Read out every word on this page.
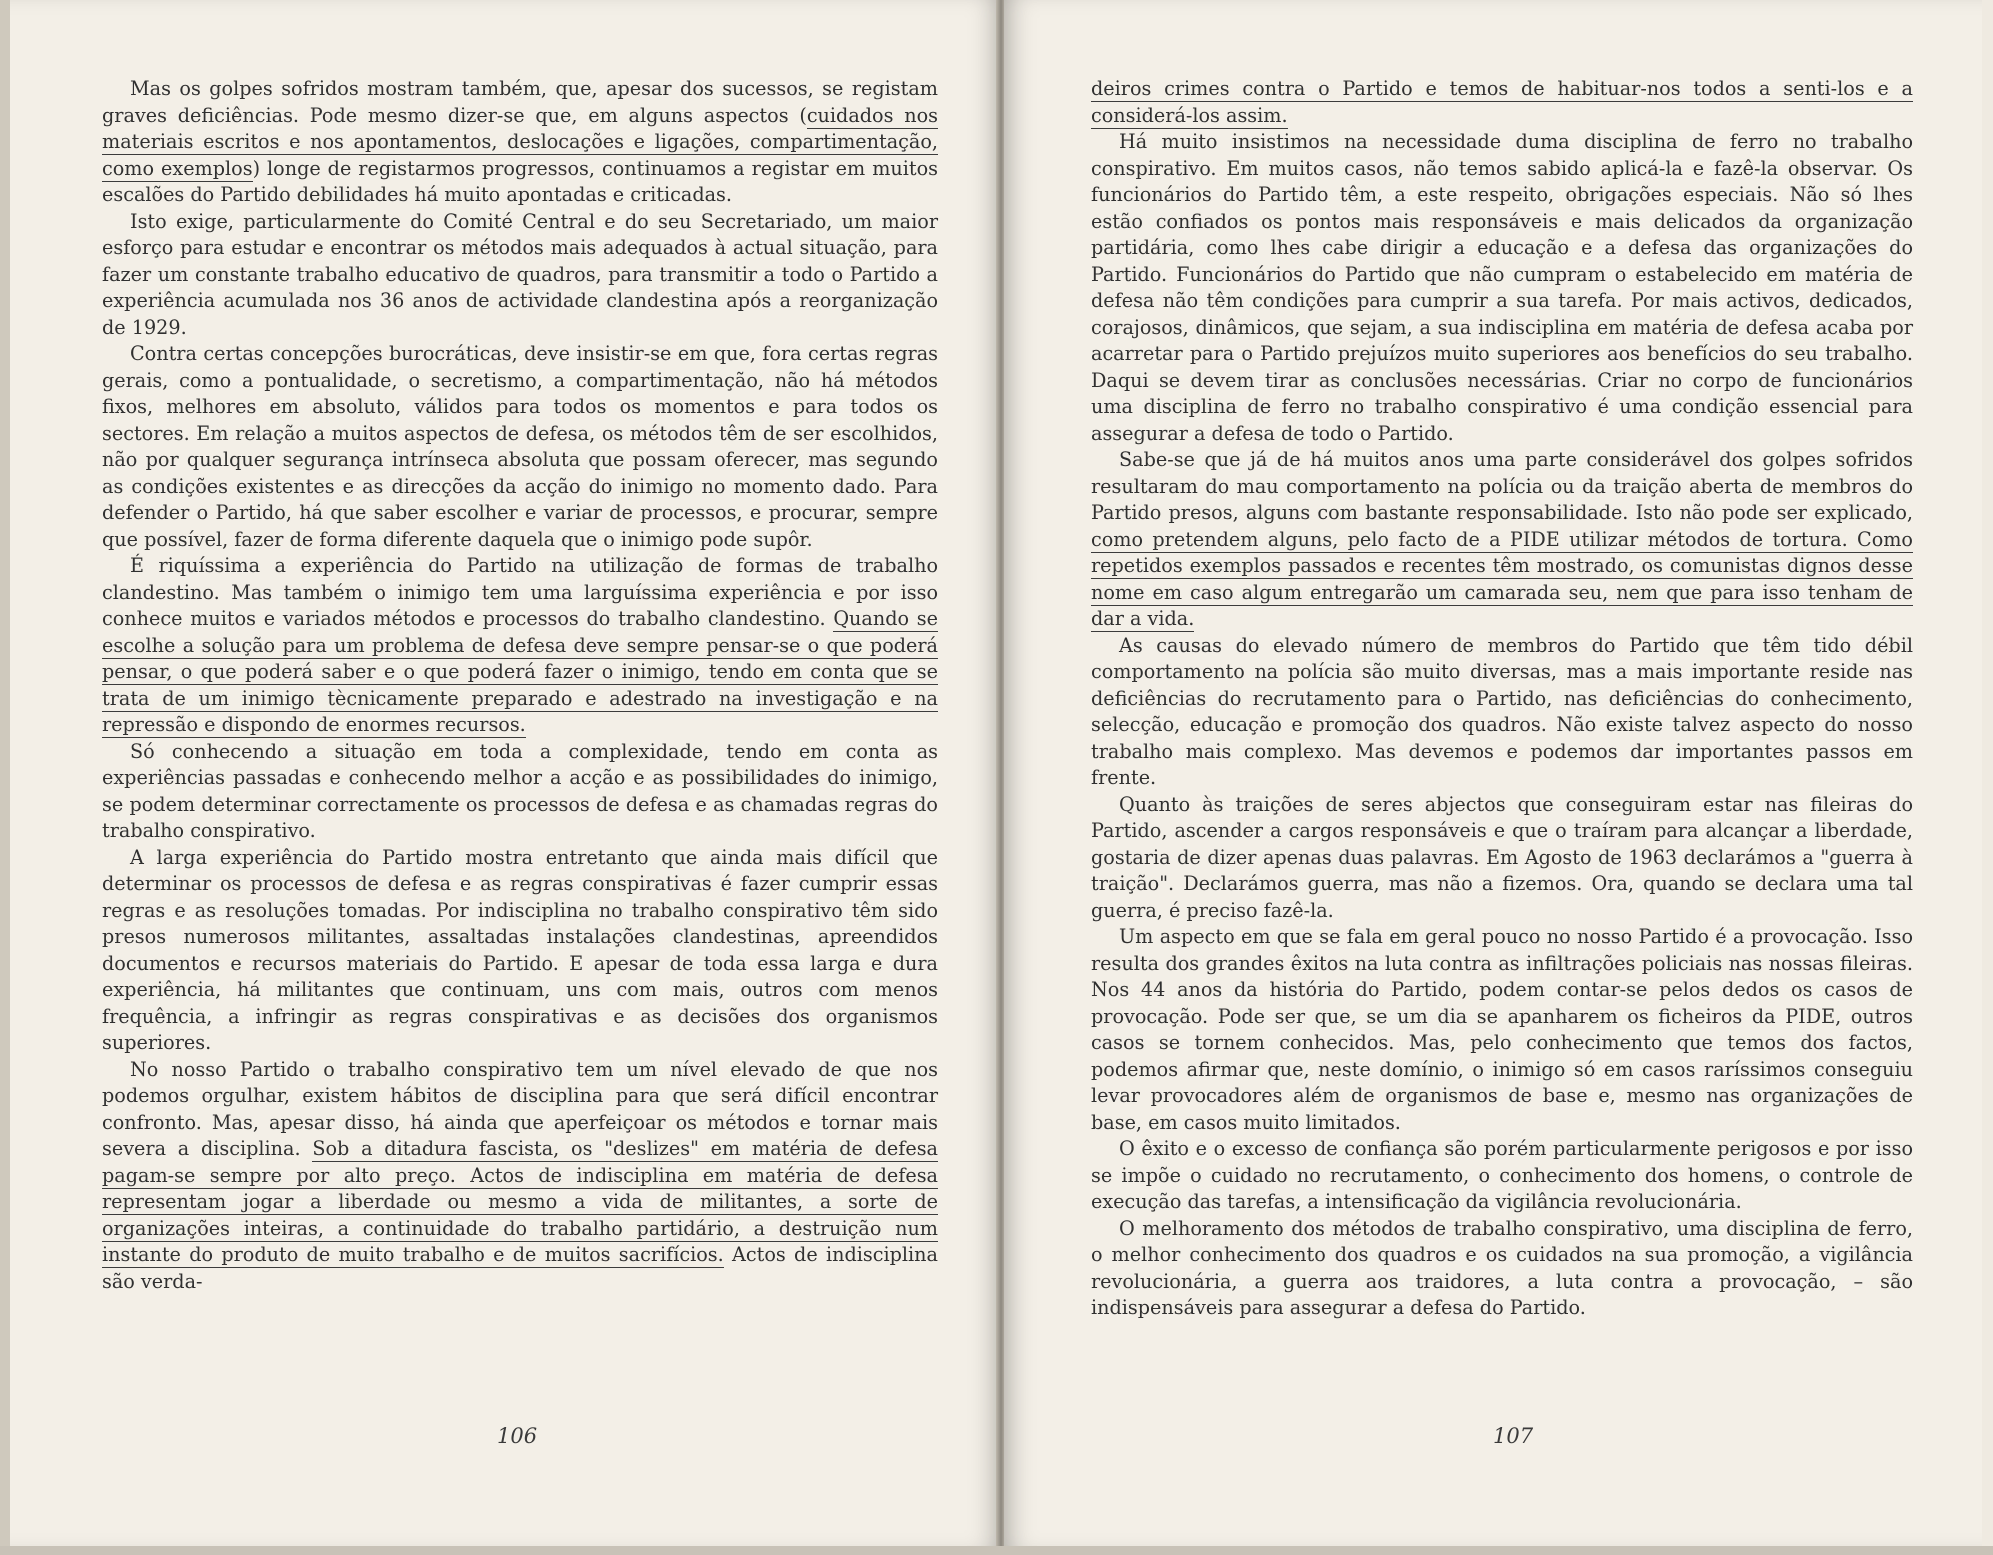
Mas os golpes sofridos mostram também, que, apesar dos sucessos, se registam graves deficiências. Pode mesmo dizer-se que, em alguns aspectos (cuidados nos materiais escritos e nos apontamentos, deslocações e ligações, compartimentação, como exemplos) longe de registarmos progressos, continuamos a registar em muitos escalões do Partido debilidades há muito apontadas e criticadas.

Isto exige, particularmente do Comité Central e do seu Secretariado, um maior esforço para estudar e encontrar os métodos mais adequados à actual situação, para fazer um constante trabalho educativo de quadros, para transmitir a todo o Partido a experiência acumulada nos 36 anos de actividade clandestina após a reorganização de 1929.

Contra certas concepções burocráticas, deve insistir-se em que, fora certas regras gerais, como a pontualidade, o secretismo, a compartimentação, não há métodos fixos, melhores em absoluto, válidos para todos os momentos e para todos os sectores. Em relação a muitos aspectos de defesa, os métodos têm de ser escolhidos, não por qualquer segurança intrínseca absoluta que possam oferecer, mas segundo as condições existentes e as direcções da acção do inimigo no momento dado. Para defender o Partido, há que saber escolher e variar de processos, e procurar, sempre que possível, fazer de forma diferente daquela que o inimigo pode supôr.

É riquíssima a experiência do Partido na utilização de formas de trabalho clandestino. Mas também o inimigo tem uma larguíssima experiência e por isso conhece muitos e variados métodos e processos do trabalho clandestino. Quando se escolhe a solução para um problema de defesa deve sempre pensar-se o que poderá pensar, o que poderá saber e o que poderá fazer o inimigo, tendo em conta que se trata de um inimigo tècnicamente preparado e adestrado na investigação e na repressão e dispondo de enormes recursos.

Só conhecendo a situação em toda a complexidade, tendo em conta as experiências passadas e conhecendo melhor a acção e as possibilidades do inimigo, se podem determinar correctamente os processos de defesa e as chamadas regras do trabalho conspirativo.

A larga experiência do Partido mostra entretanto que ainda mais difícil que determinar os processos de defesa e as regras conspirativas é fazer cumprir essas regras e as resoluções tomadas. Por indisciplina no trabalho conspirativo têm sido presos numerosos militantes, assaltadas instalações clandestinas, apreendidos documentos e recursos materiais do Partido. E apesar de toda essa larga e dura experiência, há militantes que continuam, uns com mais, outros com menos frequência, a infringir as regras conspirativas e as decisões dos organismos superiores.

No nosso Partido o trabalho conspirativo tem um nível elevado de que nos podemos orgulhar, existem hábitos de disciplina para que será difícil encontrar confronto. Mas, apesar disso, há ainda que aperfeiçoar os métodos e tornar mais severa a disciplina. Sob a ditadura fascista, os "deslizes" em matéria de defesa pagam-se sempre por alto preço. Actos de indisciplina em matéria de defesa representam jogar a liberdade ou mesmo a vida de militantes, a sorte de organizações inteiras, a continuidade do trabalho partidário, a destruição num instante do produto de muito trabalho e de muitos sacrifícios. Actos de indisciplina são verda-

106

deiros crimes contra o Partido e temos de habituar-nos todos a senti-los e a considerá-los assim.

Há muito insistimos na necessidade duma disciplina de ferro no trabalho conspirativo. Em muitos casos, não temos sabido aplicá-la e fazê-la observar. Os funcionários do Partido têm, a este respeito, obrigações especiais. Não só lhes estão confiados os pontos mais responsáveis e mais delicados da organização partidária, como lhes cabe dirigir a educação e a defesa das organizações do Partido. Funcionários do Partido que não cumpram o estabelecido em matéria de defesa não têm condições para cumprir a sua tarefa. Por mais activos, dedicados, corajosos, dinâmicos, que sejam, a sua indisciplina em matéria de defesa acaba por acarretar para o Partido prejuízos muito superiores aos benefícios do seu trabalho. Daqui se devem tirar as conclusões necessárias. Criar no corpo de funcionários uma disciplina de ferro no trabalho conspirativo é uma condição essencial para assegurar a defesa de todo o Partido.

Sabe-se que já de há muitos anos uma parte considerável dos golpes sofridos resultaram do mau comportamento na polícia ou da traição aberta de membros do Partido presos, alguns com bastante responsabilidade. Isto não pode ser explicado, como pretendem alguns, pelo facto de a PIDE utilizar métodos de tortura. Como repetidos exemplos passados e recentes têm mostrado, os comunistas dignos desse nome em caso algum entregarão um camarada seu, nem que para isso tenham de dar a vida.

As causas do elevado número de membros do Partido que têm tido débil comportamento na polícia são muito diversas, mas a mais importante reside nas deficiências do recrutamento para o Partido, nas deficiências do conhecimento, selecção, educação e promoção dos quadros. Não existe talvez aspecto do nosso trabalho mais complexo. Mas devemos e podemos dar importantes passos em frente.

Quanto às traições de seres abjectos que conseguiram estar nas fileiras do Partido, ascender a cargos responsáveis e que o traíram para alcançar a liberdade, gostaria de dizer apenas duas palavras. Em Agosto de 1963 declarámos a "guerra à traição". Declarámos guerra, mas não a fizemos. Ora, quando se declara uma tal guerra, é preciso fazê-la.

Um aspecto em que se fala em geral pouco no nosso Partido é a provocação. Isso resulta dos grandes êxitos na luta contra as infiltrações policiais nas nossas fileiras. Nos 44 anos da história do Partido, podem contar-se pelos dedos os casos de provocação. Pode ser que, se um dia se apanharem os ficheiros da PIDE, outros casos se tornem conhecidos. Mas, pelo conhecimento que temos dos factos, podemos afirmar que, neste domínio, o inimigo só em casos raríssimos conseguiu levar provocadores além de organismos de base e, mesmo nas organizações de base, em casos muito limitados.

O êxito e o excesso de confiança são porém particularmente perigosos e por isso se impõe o cuidado no recrutamento, o conhecimento dos homens, o controle de execução das tarefas, a intensificação da vigilância revolucionária.

O melhoramento dos métodos de trabalho conspirativo, uma disciplina de ferro, o melhor conhecimento dos quadros e os cuidados na sua promoção, a vigilância revolucionária, a guerra aos traidores, a luta contra a provocação, – são indispensáveis para assegurar a defesa do Partido.

107
